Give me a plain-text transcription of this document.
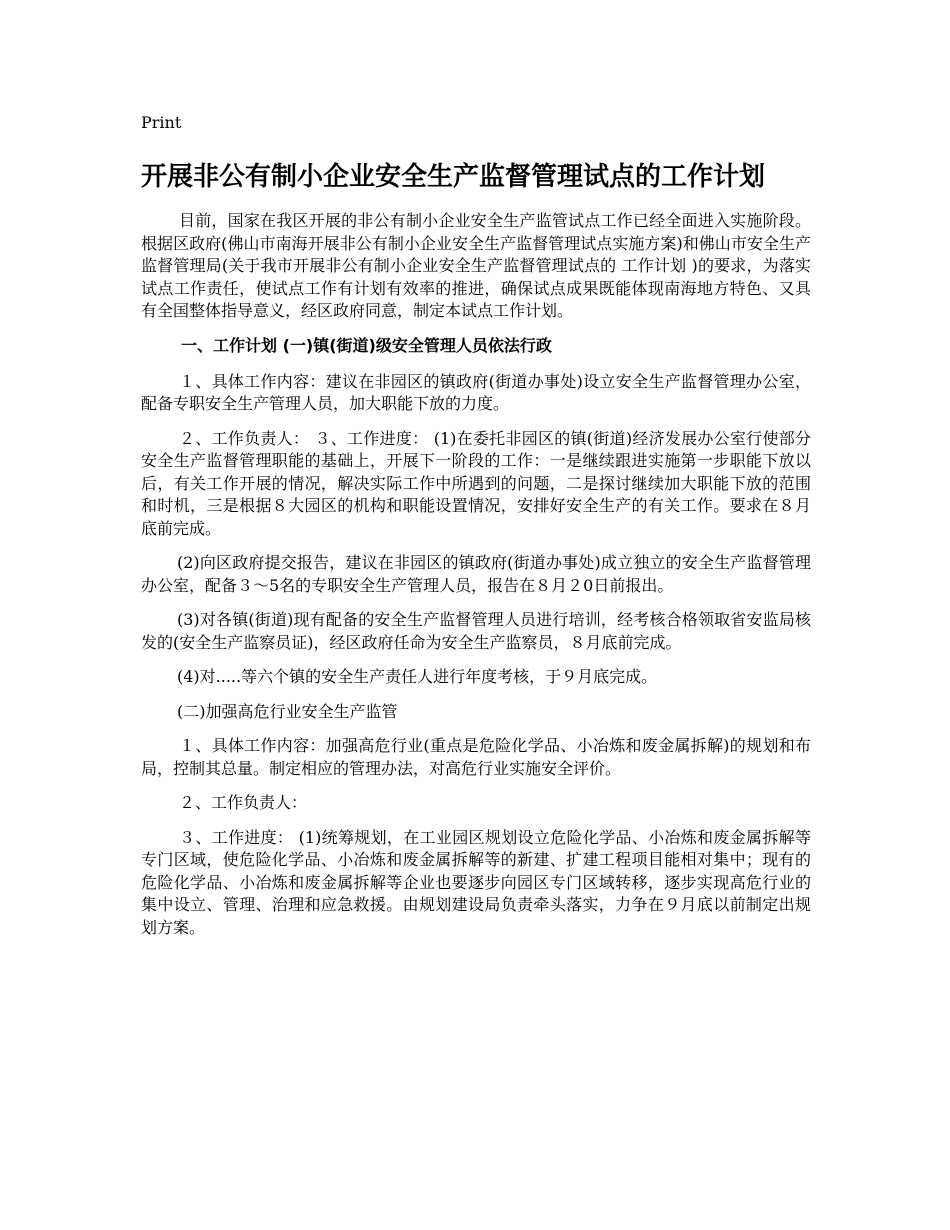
Print
开展非公有制小企业安全生产监督管理试点的工作计划

目前，国家在我区开展的非公有制小企业安全生产监管试点工作已经全面进入实施阶段。根据区政府(佛山市南海开展非公有制小企业安全生产监督管理试点实施方案)和佛山市安全生产监督管理局(关于我市开展非公有制小企业安全生产监督管理试点的 工作计划 )的要求，为落实试点工作责任，使试点工作有计划有效率的推进，确保试点成果既能体现南海地方特色、又具有全国整体指导意义，经区政府同意，制定本试点工作计划。

一、工作计划 (一)镇(街道)级安全管理人员依法行政

１、具体工作内容：建议在非园区的镇政府(街道办事处)设立安全生产监督管理办公室，配备专职安全生产管理人员，加大职能下放的力度。

２、工作负责人： ３、工作进度： (1)在委托非园区的镇(街道)经济发展办公室行使部分安全生产监督管理职能的基础上，开展下一阶段的工作：一是继续跟进实施第一步职能下放以后，有关工作开展的情况，解决实际工作中所遇到的问题，二是探讨继续加大职能下放的范围和时机，三是根据８大园区的机构和职能设置情况，安排好安全生产的有关工作。要求在８月底前完成。

(2)向区政府提交报告，建议在非园区的镇政府(街道办事处)成立独立的安全生产监督管理办公室，配备３～5名的专职安全生产管理人员，报告在８月２0日前报出。

(3)对各镇(街道)现有配备的安全生产监督管理人员进行培训，经考核合格领取省安监局核发的(安全生产监察员证)，经区政府任命为安全生产监察员，８月底前完成。

(4)对.....等六个镇的安全生产责任人进行年度考核，于９月底完成。

(二)加强高危行业安全生产监管

１、具体工作内容：加强高危行业(重点是危险化学品、小冶炼和废金属拆解)的规划和布局，控制其总量。制定相应的管理办法，对高危行业实施安全评价。

２、工作负责人：

３、工作进度： (1)统筹规划，在工业园区规划设立危险化学品、小冶炼和废金属拆解等专门区域，使危险化学品、小冶炼和废金属拆解等的新建、扩建工程项目能相对集中；现有的危险化学品、小冶炼和废金属拆解等企业也要逐步向园区专门区域转移，逐步实现高危行业的集中设立、管理、治理和应急救援。由规划建设局负责牵头落实，力争在９月底以前制定出规划方案。
